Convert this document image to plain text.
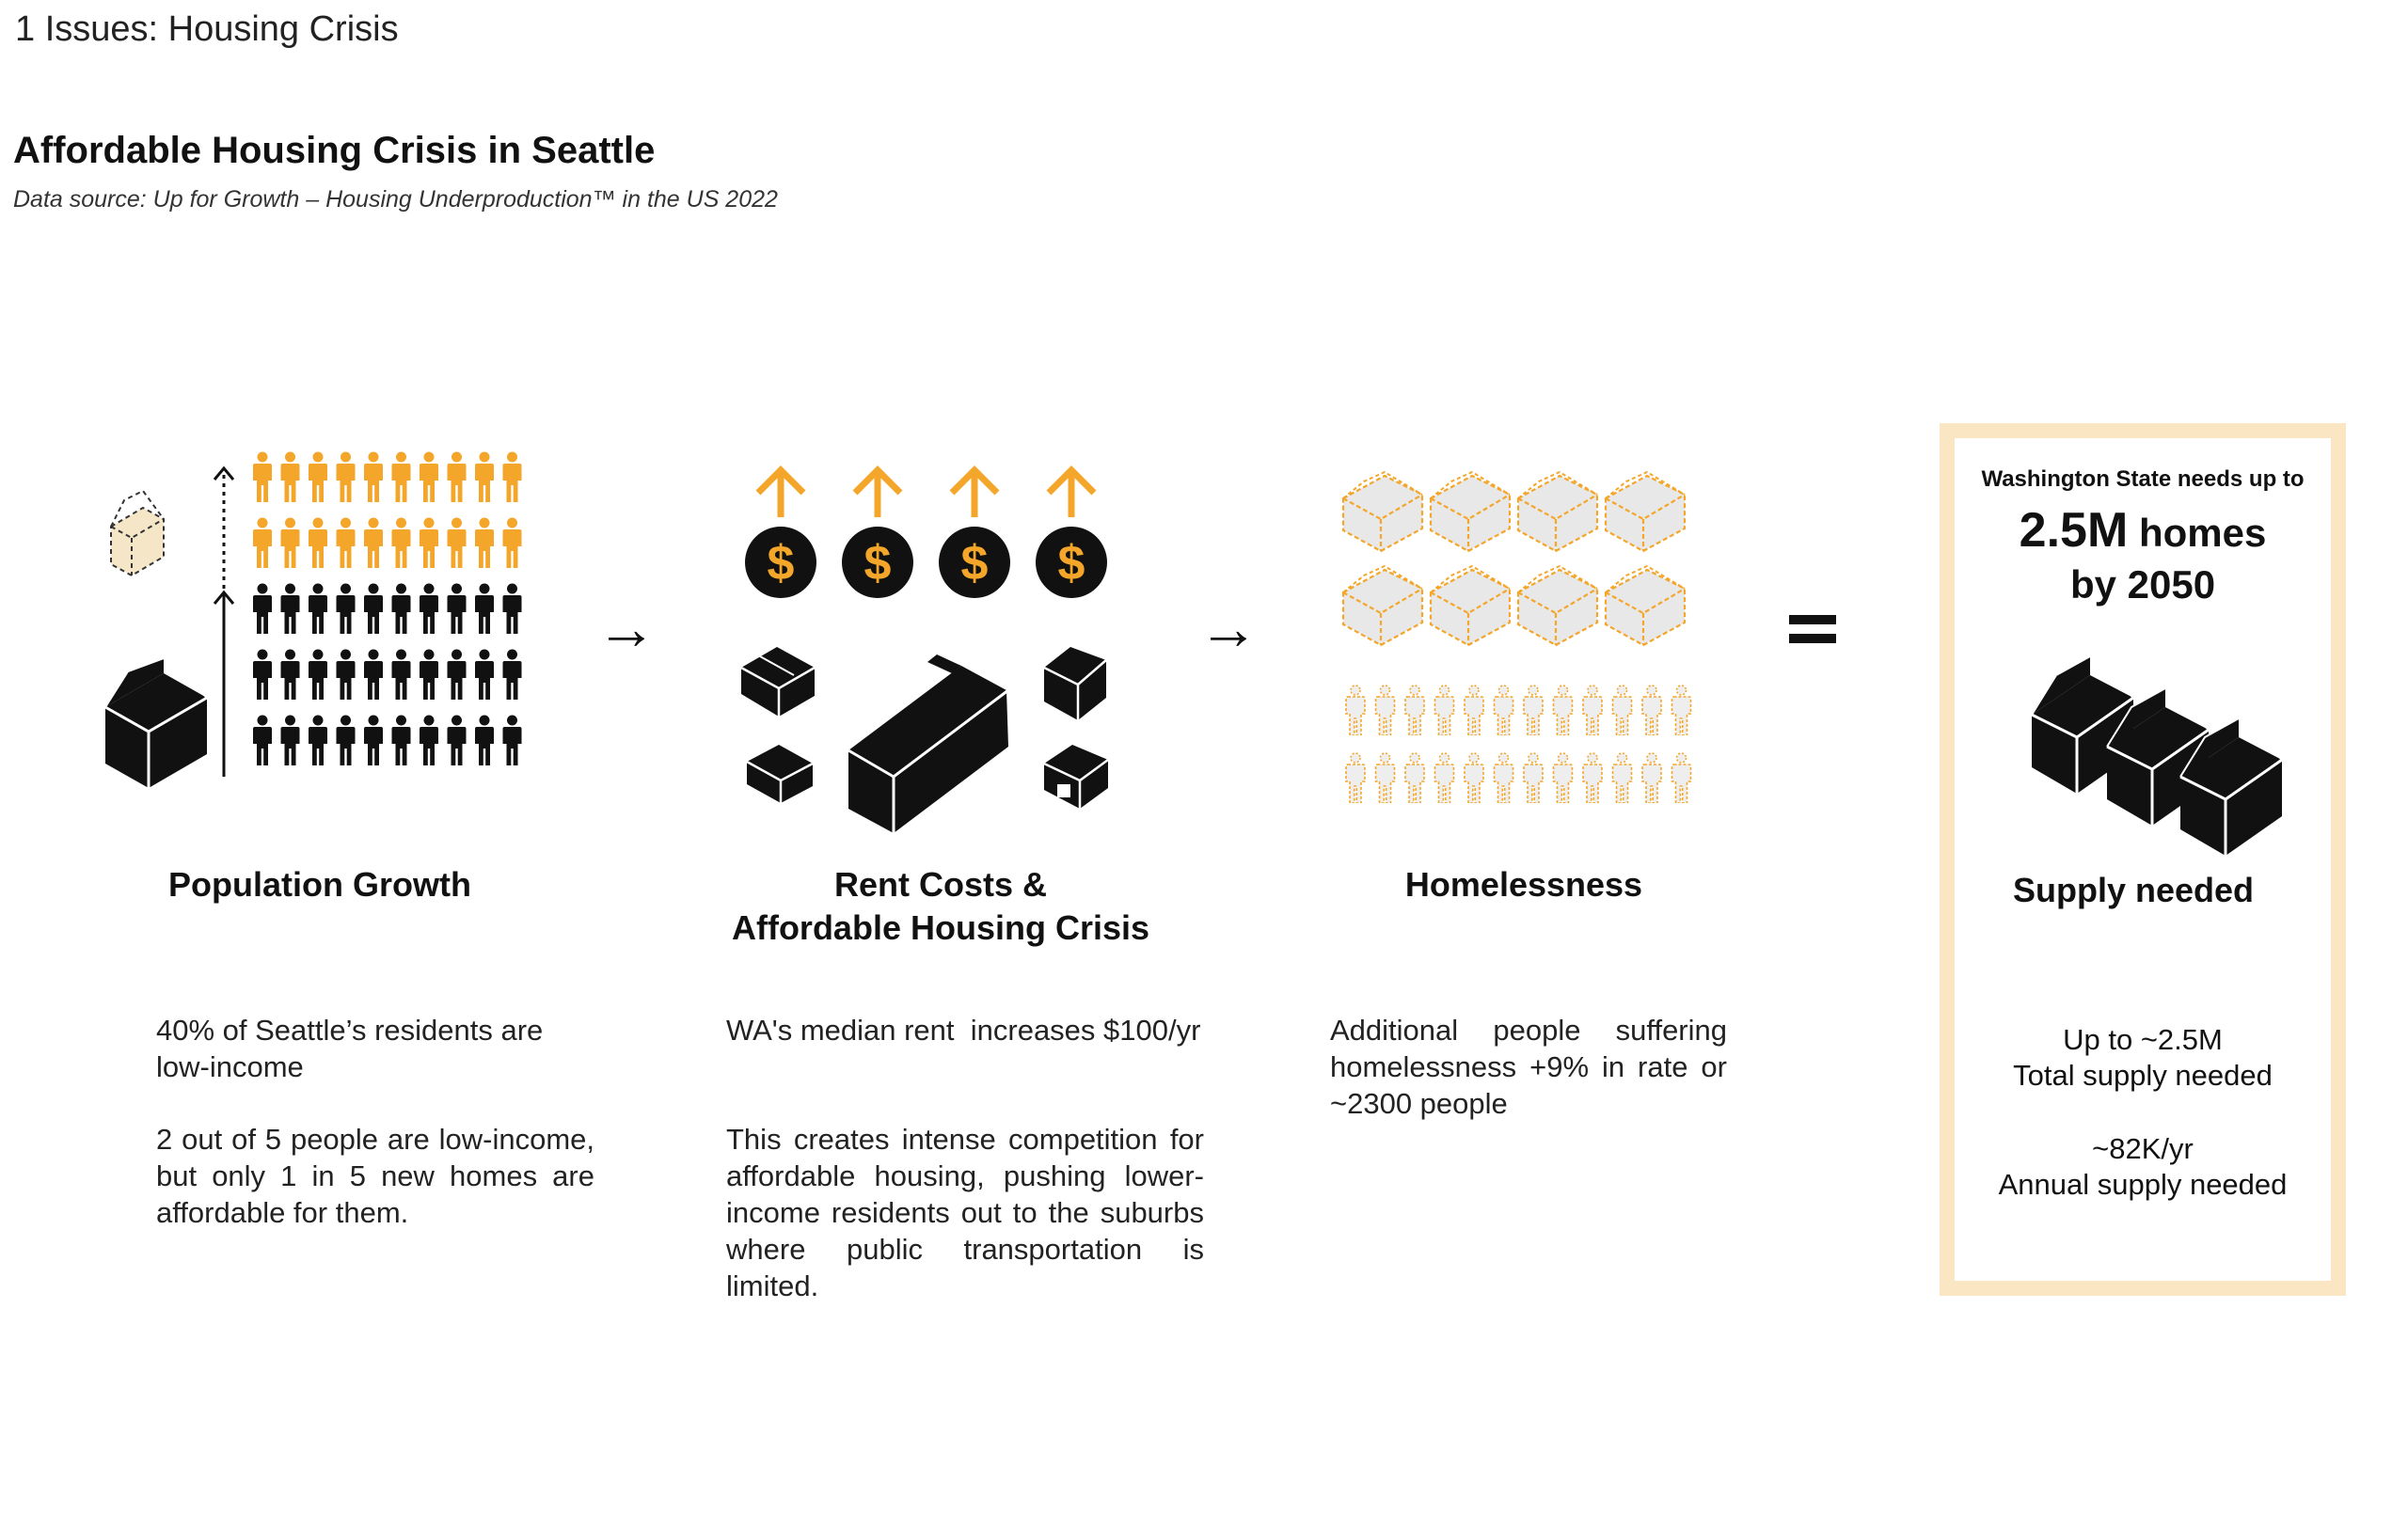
1 Issues: Housing Crisis
Affordable Housing Crisis in Seattle
Data source: Up for Growth – Housing Underproduction™ in the US 2022
$ $ $ $
Population Growth	Rent Costs &
Affordable Housing Crisis
Homelessness
40% of Seattle’s residents are low-income
2 out of 5 people are low-income, but only 1 in 5 new homes are affordable for them.
WA's median rent  increases $100/yr
This creates intense competition for affordable housing, pushing lower-income residents out to the suburbs where public transportation is limited.
Additional people suffering homelessness +9% in rate or ~2300 people
→	→
Washington State needs up to
2.5M homes
by 2050
Supply needed
Up to ~2.5M
Total supply needed
~82K/yr
Annual supply needed
